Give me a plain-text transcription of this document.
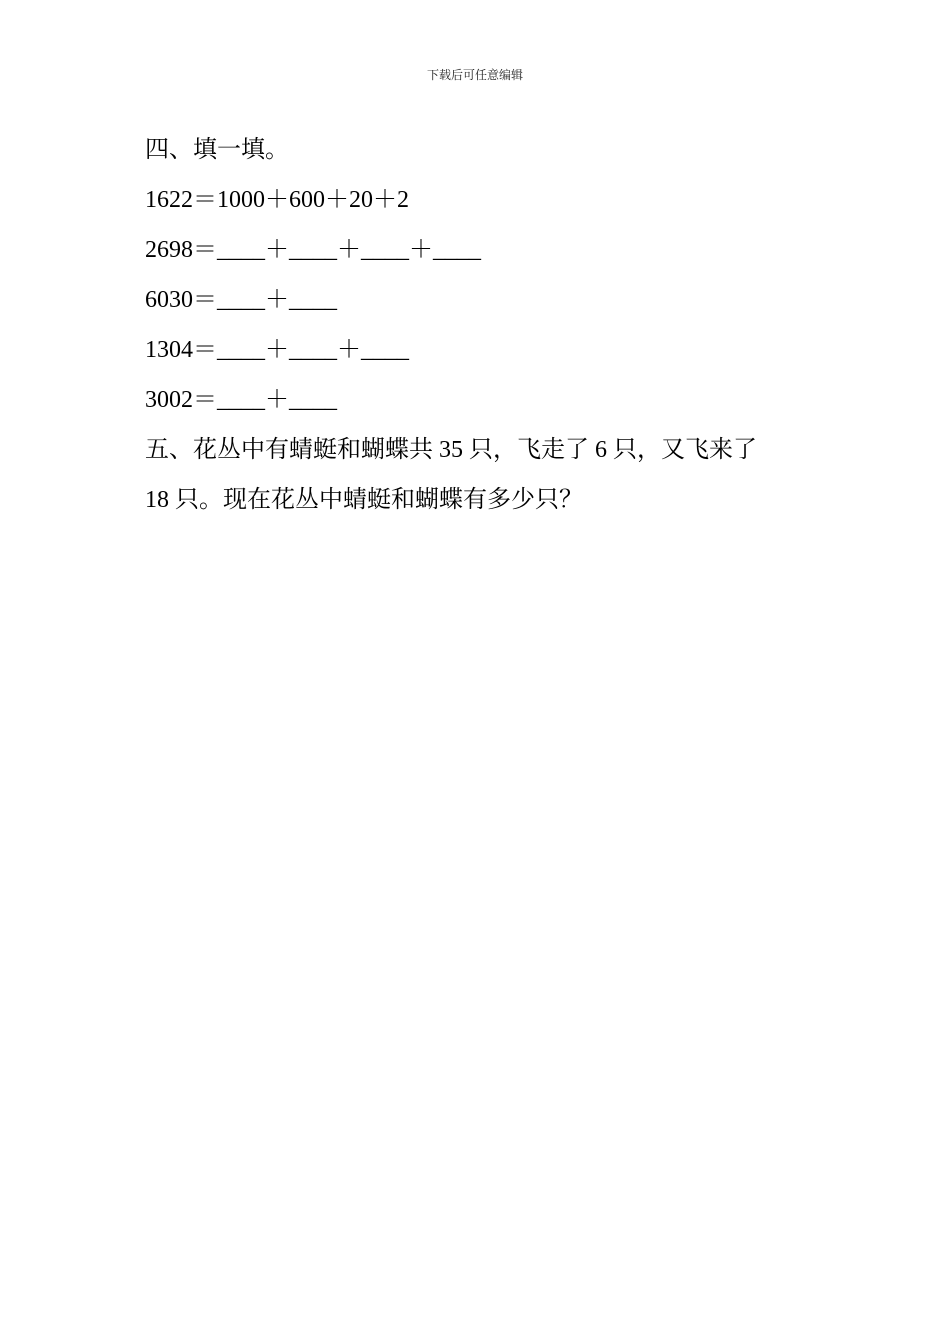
下载后可任意编辑
四、填一填。
1622＝1000＋600＋20＋2
2698＝____＋____＋____＋____
6030＝____＋____
1304＝____＋____＋____
3002＝____＋____
五、花丛中有蜻蜓和蝴蝶共 35 只，飞走了 6 只，又飞来了
18 只。现在花丛中蜻蜓和蝴蝶有多少只？
